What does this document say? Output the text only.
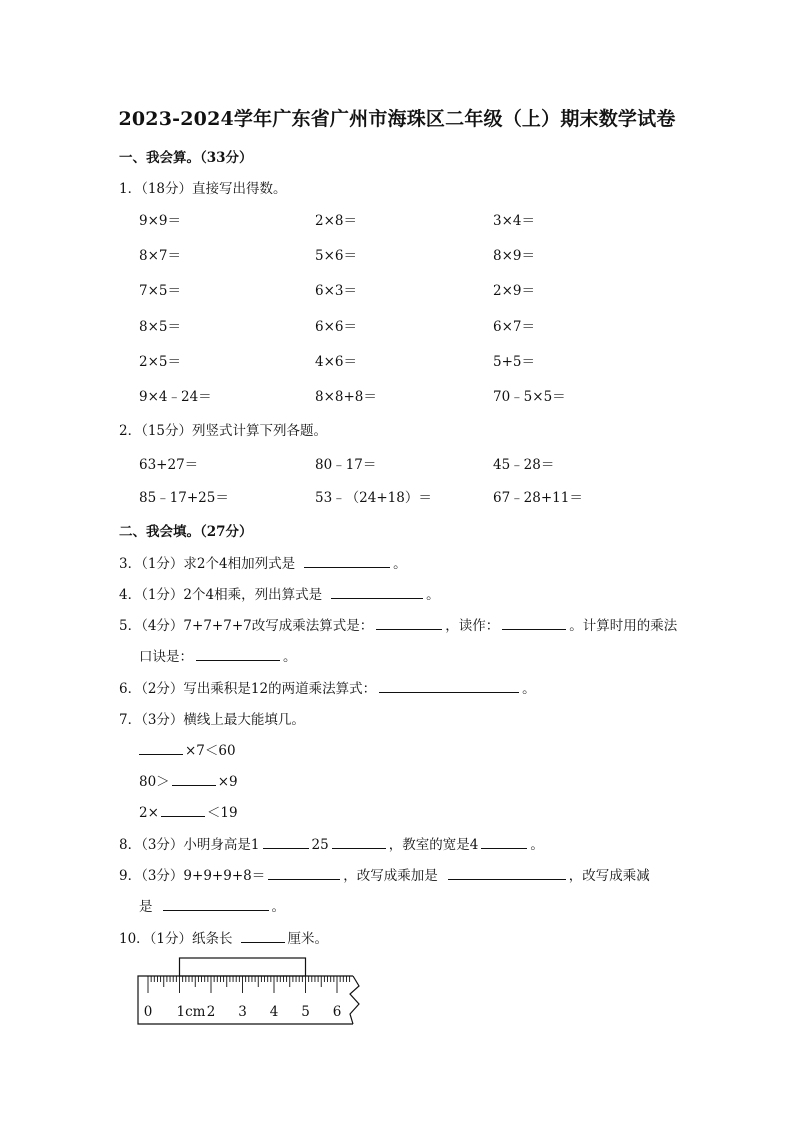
2023-2024学年广东省广州市海珠区二年级（上）期末数学试卷
一、我会算。（33分）
1．（18分）直接写出得数。
9×9＝	2×8＝	3×4＝
8×7＝	5×6＝	8×9＝
7×5＝	6×3＝	2×9＝
8×5＝	6×6＝	6×7＝
2×5＝	4×6＝	5+5＝
9×4﹣24＝	8×8+8＝	70﹣5×5＝
2．（15分）列竖式计算下列各题。
63+27＝	80﹣17＝	45﹣28＝
85﹣17+25＝	53﹣（24+18）＝	67﹣28+11＝
二、我会填。（27分）
3．（1分）求2个4相加列式是	。
4．（1分）2个4相乘，列出算式是	。
5．（4分）7+7+7+7改写成乘法算式是：	，读作：	。计算时用的乘法
口诀是：	。
6．（2分）写出乘积是12的两道乘法算式：	。
7．（3分）横线上最大能填几。
×7＜60
80＞	×9
2×	＜19
8．（3分）小明身高是1	25	，教室的宽是4	。
9．（3分）9+9+9+8＝	，改写成乘加是	，改写成乘减
是	。
10．（1分）纸条长	厘米。
0 1cm 2 3 4 5 6
